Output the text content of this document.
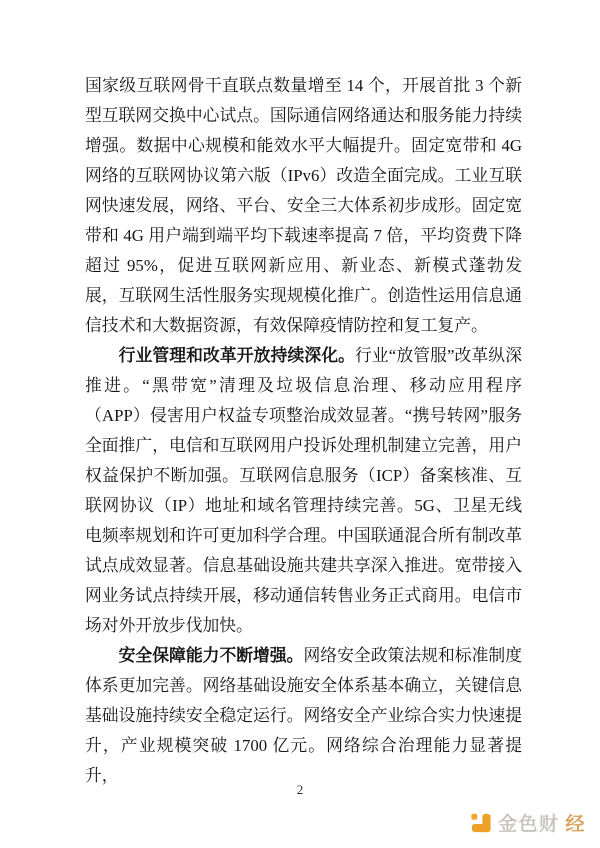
国家级互联网骨干直联点数量增至 14 个，开展首批 3 个新型互联网交换中心试点。国际通信网络通达和服务能力持续增强。数据中心规模和能效水平大幅提升。固定宽带和 4G 网络的互联网协议第六版（IPv6）改造全面完成。工业互联网快速发展，网络、平台、安全三大体系初步成形。固定宽带和 4G 用户端到端平均下载速率提高 7 倍，平均资费下降超过 95%，促进互联网新应用、新业态、新模式蓬勃发展，互联网生活性服务实现规模化推广。创造性运用信息通信技术和大数据资源，有效保障疫情防控和复工复产。

行业管理和改革开放持续深化。行业“放管服”改革纵深推进。“黑带宽”清理及垃圾信息治理、移动应用程序（APP）侵害用户权益专项整治成效显著。“携号转网”服务全面推广，电信和互联网用户投诉处理机制建立完善，用户权益保护不断加强。互联网信息服务（ICP）备案核准、互联网协议（IP）地址和域名管理持续完善。5G、卫星无线电频率规划和许可更加科学合理。中国联通混合所有制改革试点成效显著。信息基础设施共建共享深入推进。宽带接入网业务试点持续开展，移动通信转售业务正式商用。电信市场对外开放步伐加快。

安全保障能力不断增强。网络安全政策法规和标准制度体系更加完善。网络基础设施安全体系基本确立，关键信息基础设施持续安全稳定运行。网络安全产业综合实力快速提升，产业规模突破 1700 亿元。网络综合治理能力显著提升，

2
金色财 经
